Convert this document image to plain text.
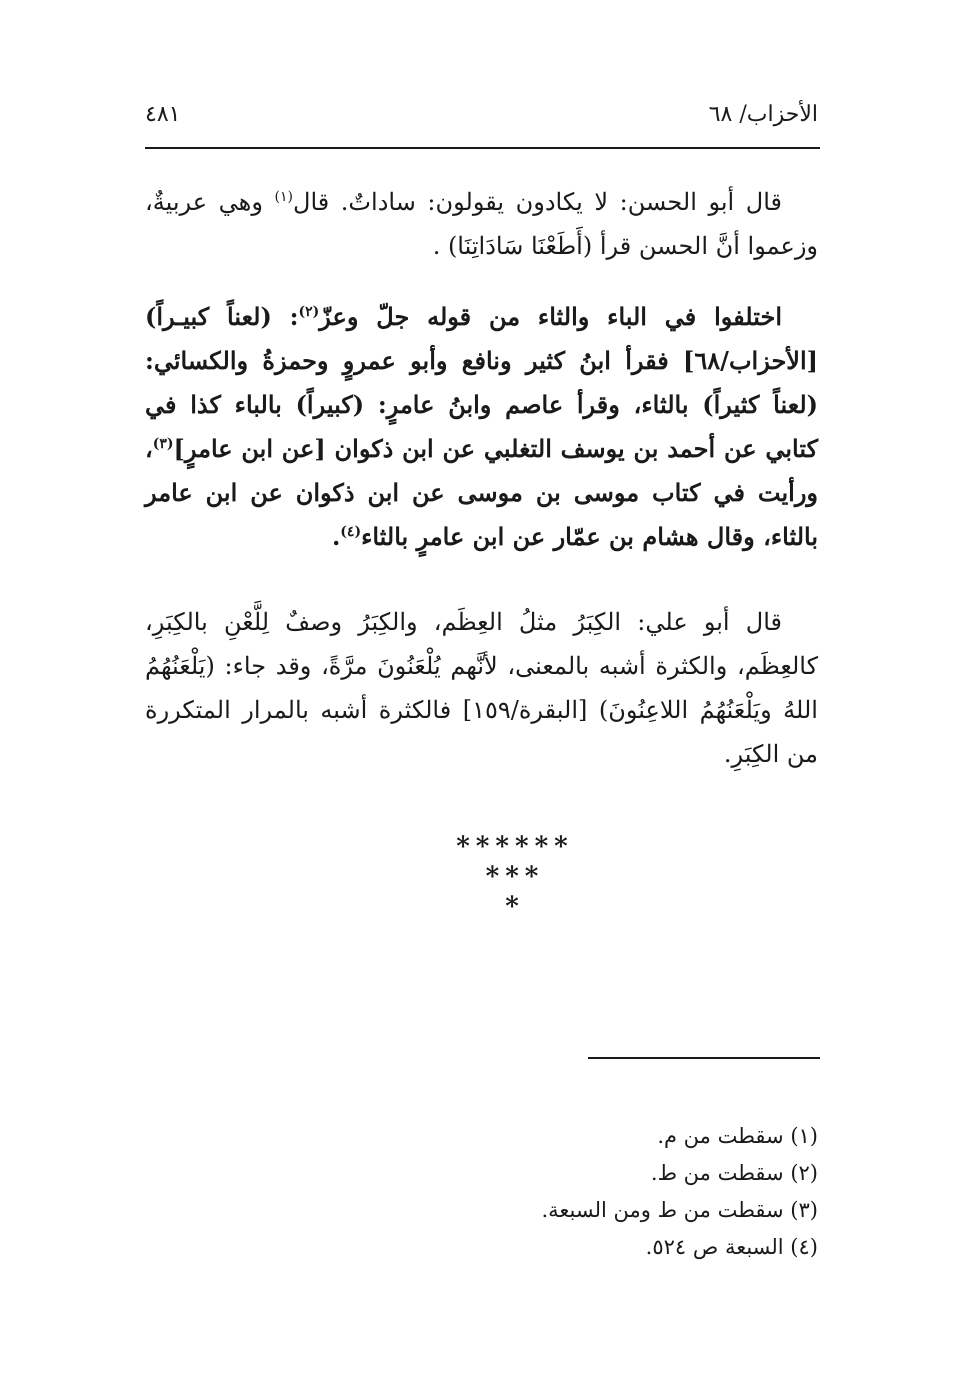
الأحزاب/ ٦٨
٤٨١

قال أبو الحسن: لا يكادون يقولون: ساداتٌ. قال$^{(١)}$ وهي عربيةٌ، وزعموا أنَّ الحسن قرأ (أَطَعْنَا سَادَاتِنَا) .

اختلفوا في الباء والثاء من قوله جلّ وعزّ$^{(٢)}$: (لعناً كبيـراً) [الأحزاب/٦٨] فقرأ ابنُ كثير ونافع وأبو عمروٍ وحمزةُ والكسائي: (لعناً كثيراً) بالثاء، وقرأ عاصم وابنُ عامرٍ: (كبيراً) بالباء كذا في كتابي عن أحمد بن يوسف التغلبي عن ابن ذكوان [عن ابن عامرٍ]$^{(٣)}$، ورأيت في كتاب موسى بن موسى عن ابن ذكوان عن ابن عامر بالثاء، وقال هشام بن عمّار عن ابن عامرٍ بالثاء$^{(٤)}$.

قال أبو علي: الكِبَرُ مثلُ العِظَم، والكِبَرُ وصفٌ لِلَّعْنِ بالكِبَرِ، كالعِظَم، والكثرة أشبه بالمعنى، لأنَّهم يُلْعَنُونَ مرَّةً، وقد جاء: (يَلْعَنُهُمُ اللهُ ويَلْعَنُهُمُ اللاعِنُونَ) [البقرة/١٥٩] فالكثرة أشبه بالمرار المتكررة من الكِبَرِ.

******
***
*
(١) سقطت من م.
(٢) سقطت من ط.
(٣) سقطت من ط ومن السبعة.
(٤) السبعة ص ٥٢٤.
